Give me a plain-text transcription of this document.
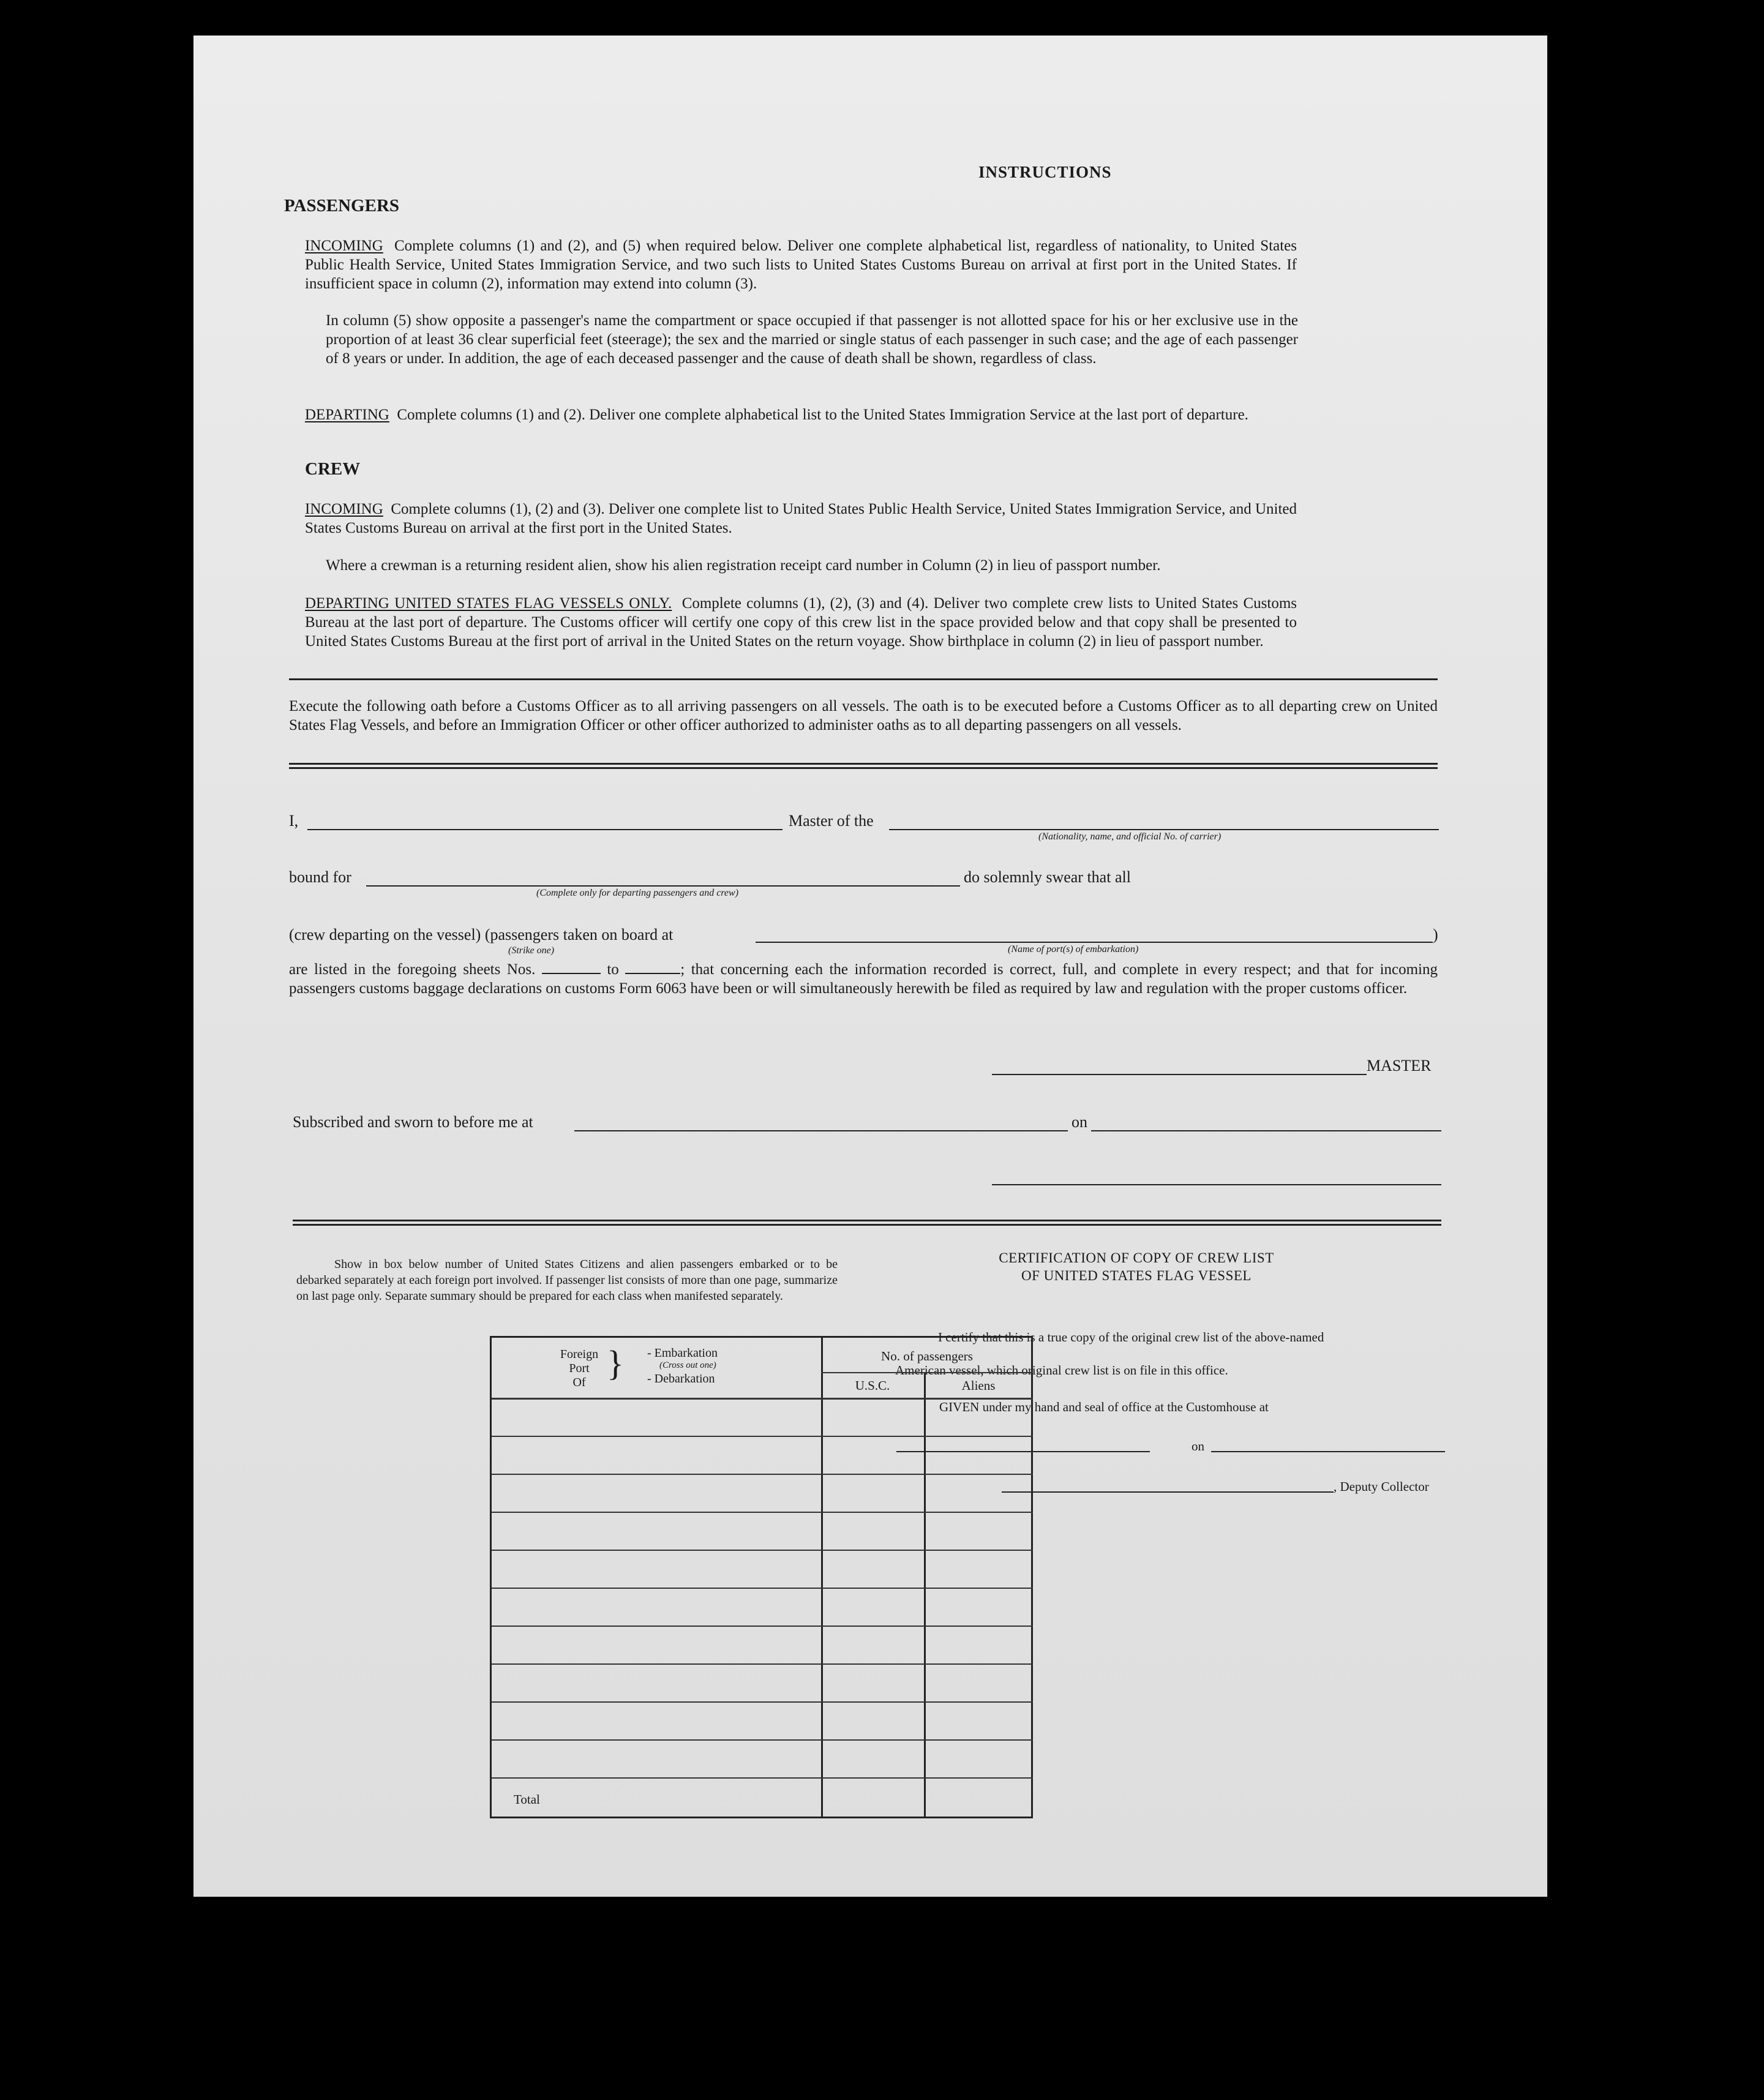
INSTRUCTIONS
PASSENGERS
INCOMING Complete columns (1) and (2), and (5) when required below. Deliver one complete alphabetical list, regardless of nationality, to United States Public Health Service, United States Immigration Service, and two such lists to United States Customs Bureau on arrival at first port in the United States. If insufficient space in column (2), information may extend into column (3).
In column (5) show opposite a passenger's name the compartment or space occupied if that passenger is not allotted space for his or her exclusive use in the proportion of at least 36 clear superficial feet (steerage); the sex and the married or single status of each passenger in such case; and the age of each passenger of 8 years or under. In addition, the age of each deceased passenger and the cause of death shall be shown, regardless of class.
DEPARTING Complete columns (1) and (2). Deliver one complete alphabetical list to the United States Immigration Service at the last port of departure.
CREW
INCOMING Complete columns (1), (2) and (3). Deliver one complete list to United States Public Health Service, United States Immigration Service, and United States Customs Bureau on arrival at the first port in the United States.
Where a crewman is a returning resident alien, show his alien registration receipt card number in Column (2) in lieu of passport number.
DEPARTING UNITED STATES FLAG VESSELS ONLY. Complete columns (1), (2), (3) and (4). Deliver two complete crew lists to United States Customs Bureau at the last port of departure. The Customs officer will certify one copy of this crew list in the space provided below and that copy shall be presented to United States Customs Bureau at the first port of arrival in the United States on the return voyage. Show birthplace in column (2) in lieu of passport number.
Execute the following oath before a Customs Officer as to all arriving passengers on all vessels. The oath is to be executed before a Customs Officer as to all departing crew on United States Flag Vessels, and before an Immigration Officer or other officer authorized to administer oaths as to all departing passengers on all vessels.
I,	Master of the
(Nationality, name, and official No. of carrier)
bound for
(Complete only for departing passengers and crew)
do solemnly swear that all
(crew departing on the vessel) (passengers taken on board at
(Strike one)	(Name of port(s) of embarkation)
)
are listed in the foregoing sheets Nos.	to	; that concerning each the information recorded is correct, full, and complete in every respect; and that for incoming passengers customs baggage declarations on customs Form 6063 have been or will simultaneously herewith be filed as required by law and regulation with the proper customs officer.
MASTER
Subscribed and sworn to before me at	on
Show in box below number of United States Citizens and alien passengers embarked or to be debarked separately at each foreign port involved. If passenger list consists of more than one page, summarize on last page only. Separate summary should be prepared for each class when manifested separately.
CERTIFICATION OF COPY OF CREW LIST
OF UNITED STATES FLAG VESSEL
I certify that this is a true copy of the original crew list of the above-named
American vessel, which original crew list is on file in this office.
GIVEN under my hand and seal of office at the Customhouse at
on
, Deputy Collector
Foreign
Port
Of } - Embarkation
(Cross out one)
- Debarkation
No. of passengers
U.S.C.	Aliens
Total
